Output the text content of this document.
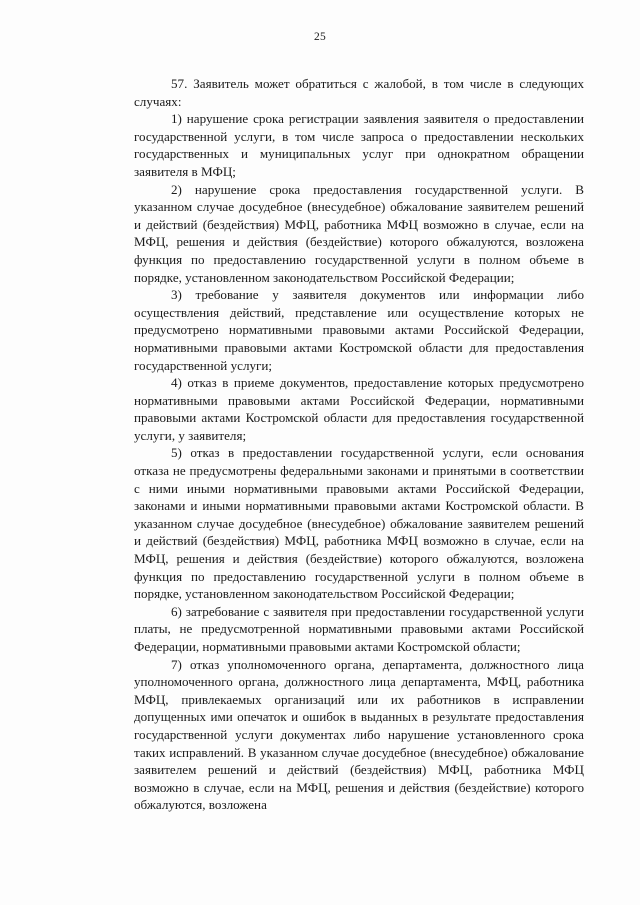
25

57. Заявитель может обратиться с жалобой, в том числе в следующих случаях:

1) нарушение срока регистрации заявления заявителя о предоставлении государственной услуги, в том числе запроса о предоставлении нескольких государственных и муниципальных услуг при однократном обращении заявителя в МФЦ;

2) нарушение срока предоставления государственной услуги. В указанном случае досудебное (внесудебное) обжалование заявителем решений и действий (бездействия) МФЦ, работника МФЦ возможно в случае, если на МФЦ, решения и действия (бездействие) которого обжалуются, возложена функция по предоставлению государственной услуги в полном объеме в порядке, установленном законодательством Российской Федерации;

3) требование у заявителя документов или информации либо осуществления действий, представление или осуществление которых не предусмотрено нормативными правовыми актами Российской Федерации, нормативными правовыми актами Костромской области для предоставления государственной услуги;

4) отказ в приеме документов, предоставление которых предусмотрено нормативными правовыми актами Российской Федерации, нормативными правовыми актами Костромской области для предоставления государственной услуги, у заявителя;

5) отказ в предоставлении государственной услуги, если основания отказа не предусмотрены федеральными законами и принятыми в соответствии с ними иными нормативными правовыми актами Российской Федерации, законами и иными нормативными правовыми актами Костромской области. В указанном случае досудебное (внесудебное) обжалование заявителем решений и действий (бездействия) МФЦ, работника МФЦ возможно в случае, если на МФЦ, решения и действия (бездействие) которого обжалуются, возложена функция по предоставлению государственной услуги в полном объеме в порядке, установленном законодательством Российской Федерации;

6) затребование с заявителя при предоставлении государственной услуги платы, не предусмотренной нормативными правовыми актами Российской Федерации, нормативными правовыми актами Костромской области;

7) отказ уполномоченного органа, департамента, должностного лица уполномоченного органа, должностного лица департамента, МФЦ, работника МФЦ, привлекаемых организаций или их работников в исправлении допущенных ими опечаток и ошибок в выданных в результате предоставления государственной услуги документах либо нарушение установленного срока таких исправлений. В указанном случае досудебное (внесудебное) обжалование заявителем решений и действий (бездействия) МФЦ, работника МФЦ возможно в случае, если на МФЦ, решения и действия (бездействие) которого обжалуются, возложена
